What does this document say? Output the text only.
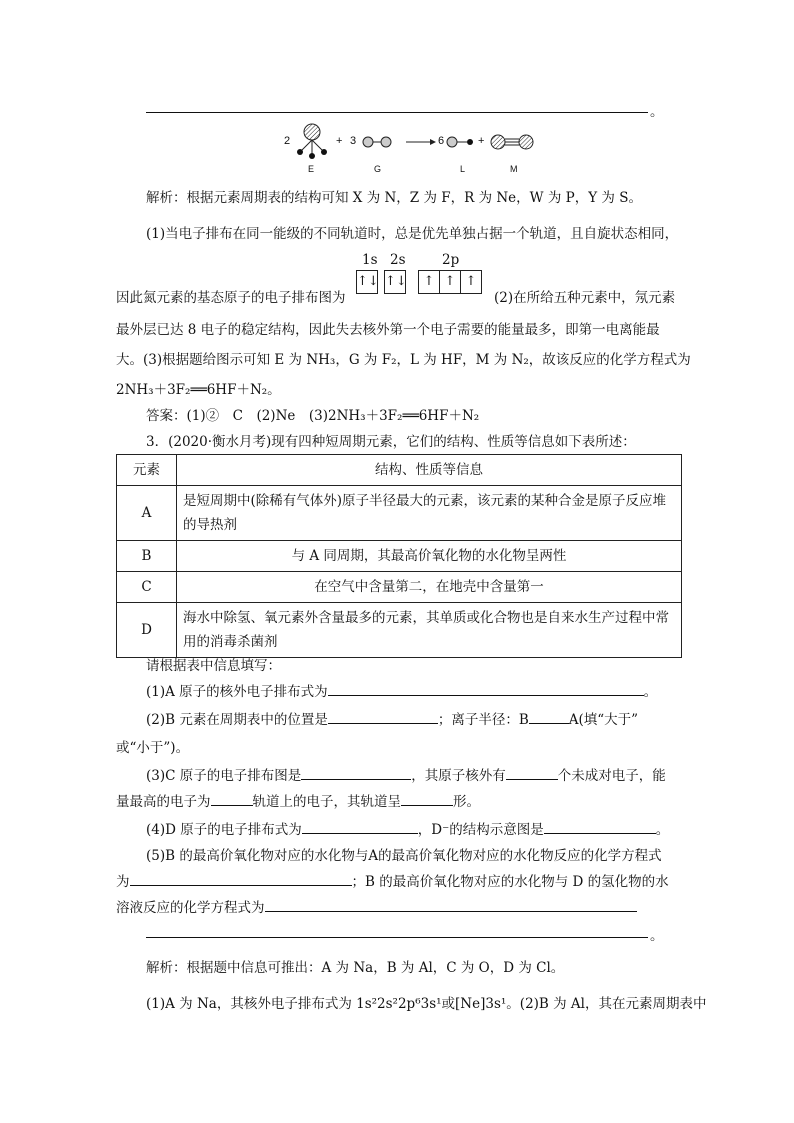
。
2	+ 3	6	+
E	G	L	M
解析：根据元素周期表的结构可知 X 为 N，Z 为 F，R 为 Ne，W 为 P，Y 为 S。
(1)当电子排布在同一能级的不同轨道时，总是优先单独占据一个轨道，且自旋状态相同，
因此氮元素的基态原子的电子排布图为
1s 2s	2p
↑↓ ↑↓	↑ ↑ ↑
(2)在所给五种元素中，氖元素
最外层已达 8 电子的稳定结构，因此失去核外第一个电子需要的能量最多，即第一电离能最
大。(3)根据题给图示可知 E 为 NH₃，G 为 F₂，L 为 HF，M 为 N₂，故该反应的化学方程式为
2NH₃＋3F₂══6HF＋N₂。
答案：(1)②　C　(2)Ne　(3)2NH₃＋3F₂══6HF＋N₂
3．(2020·衡水月考)现有四种短周期元素，它们的结构、性质等信息如下表所述：
元素	结构、性质等信息
A	是短周期中(除稀有气体外)原子半径最大的元素，该元素的某种合金是原子反应堆的导热剂
B	与 A 同周期，其最高价氧化物的水化物呈两性
C	在空气中含量第二，在地壳中含量第一
D	海水中除氢、氧元素外含量最多的元素，其单质或化合物也是自来水生产过程中常用的消毒杀菌剂
请根据表中信息填写：
(1)A 原子的核外电子排布式为	。
(2)B 元素在周期表中的位置是	；离子半径：B	A(填“大于”
或“小于”)。
(3)C 原子的电子排布图是	，其原子核外有	个未成对电子，能
量最高的电子为	轨道上的电子，其轨道呈	形。
(4)D 原子的电子排布式为	，D⁻的结构示意图是	。
(5)B 的最高价氧化物对应的水化物与A的最高价氧化物对应的水化物反应的化学方程式
为	；B 的最高价氧化物对应的水化物与 D 的氢化物的水
溶液反应的化学方程式为
。
解析：根据题中信息可推出：A 为 Na，B 为 Al，C 为 O，D 为 Cl。
(1)A 为 Na，其核外电子排布式为 1s²2s²2p⁶3s¹或[Ne]3s¹。(2)B 为 Al，其在元素周期表中
